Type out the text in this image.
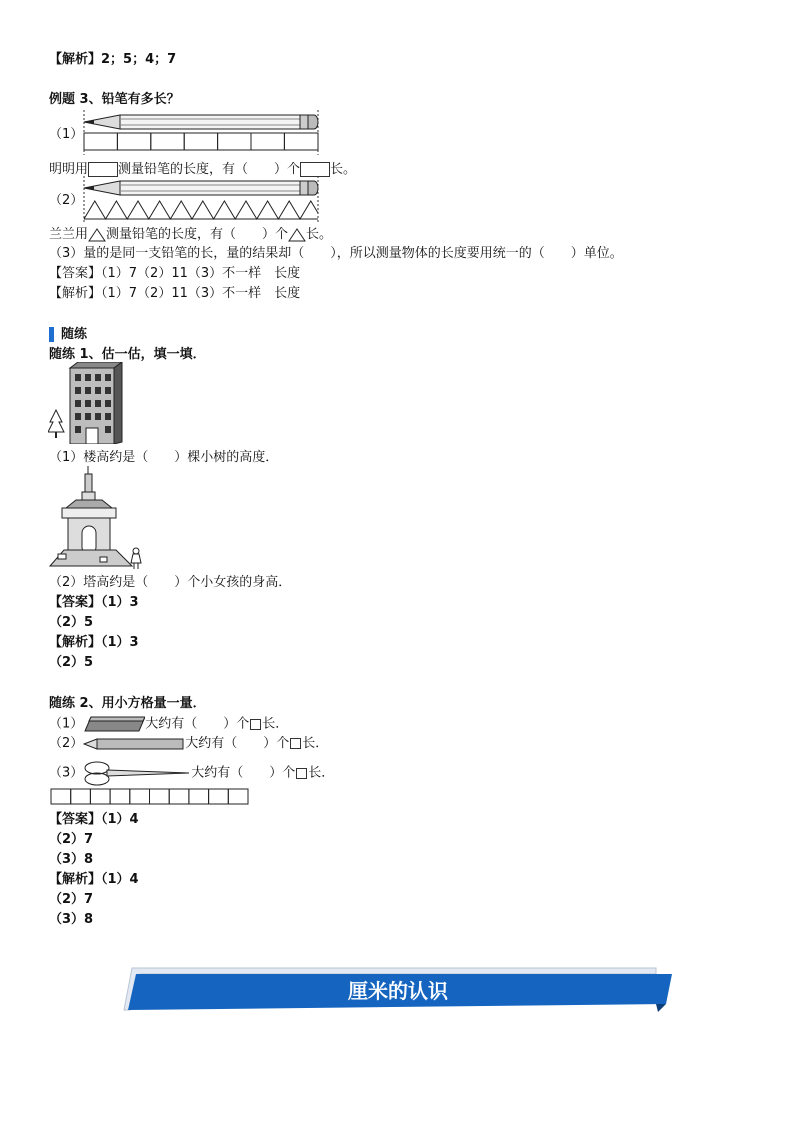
【解析】2；5；4；7
例题 3、铅笔有多长？
（1）
明明用 测量铅笔的长度，有（　　）个 长。
（2）
兰兰用 测量铅笔的长度，有（　　）个 长。
（3）量的是同一支铅笔的长，量的结果却（　　），所以测量物体的长度要用统一的（　　）单位。
【答案】（1）7（2）11（3）不一样　长度
【解析】（1）7（2）11（3）不一样　长度
随练
随练 1、估一估，填一填．
（1）楼高约是（　　）棵小树的高度．
（2）塔高约是（　　）个小女孩的身高．
【答案】（1）3
（2）5
【解析】（1）3
（2）5
随练 2、用小方格量一量．
（1）	大约有（　　）个 长．
（2）	大约有（　　）个 长．
（3）	大约有（　　）个 长．
【答案】（1）4
（2）7
（3）8
【解析】（1）4
（2）7
（3）8
厘米的认识
